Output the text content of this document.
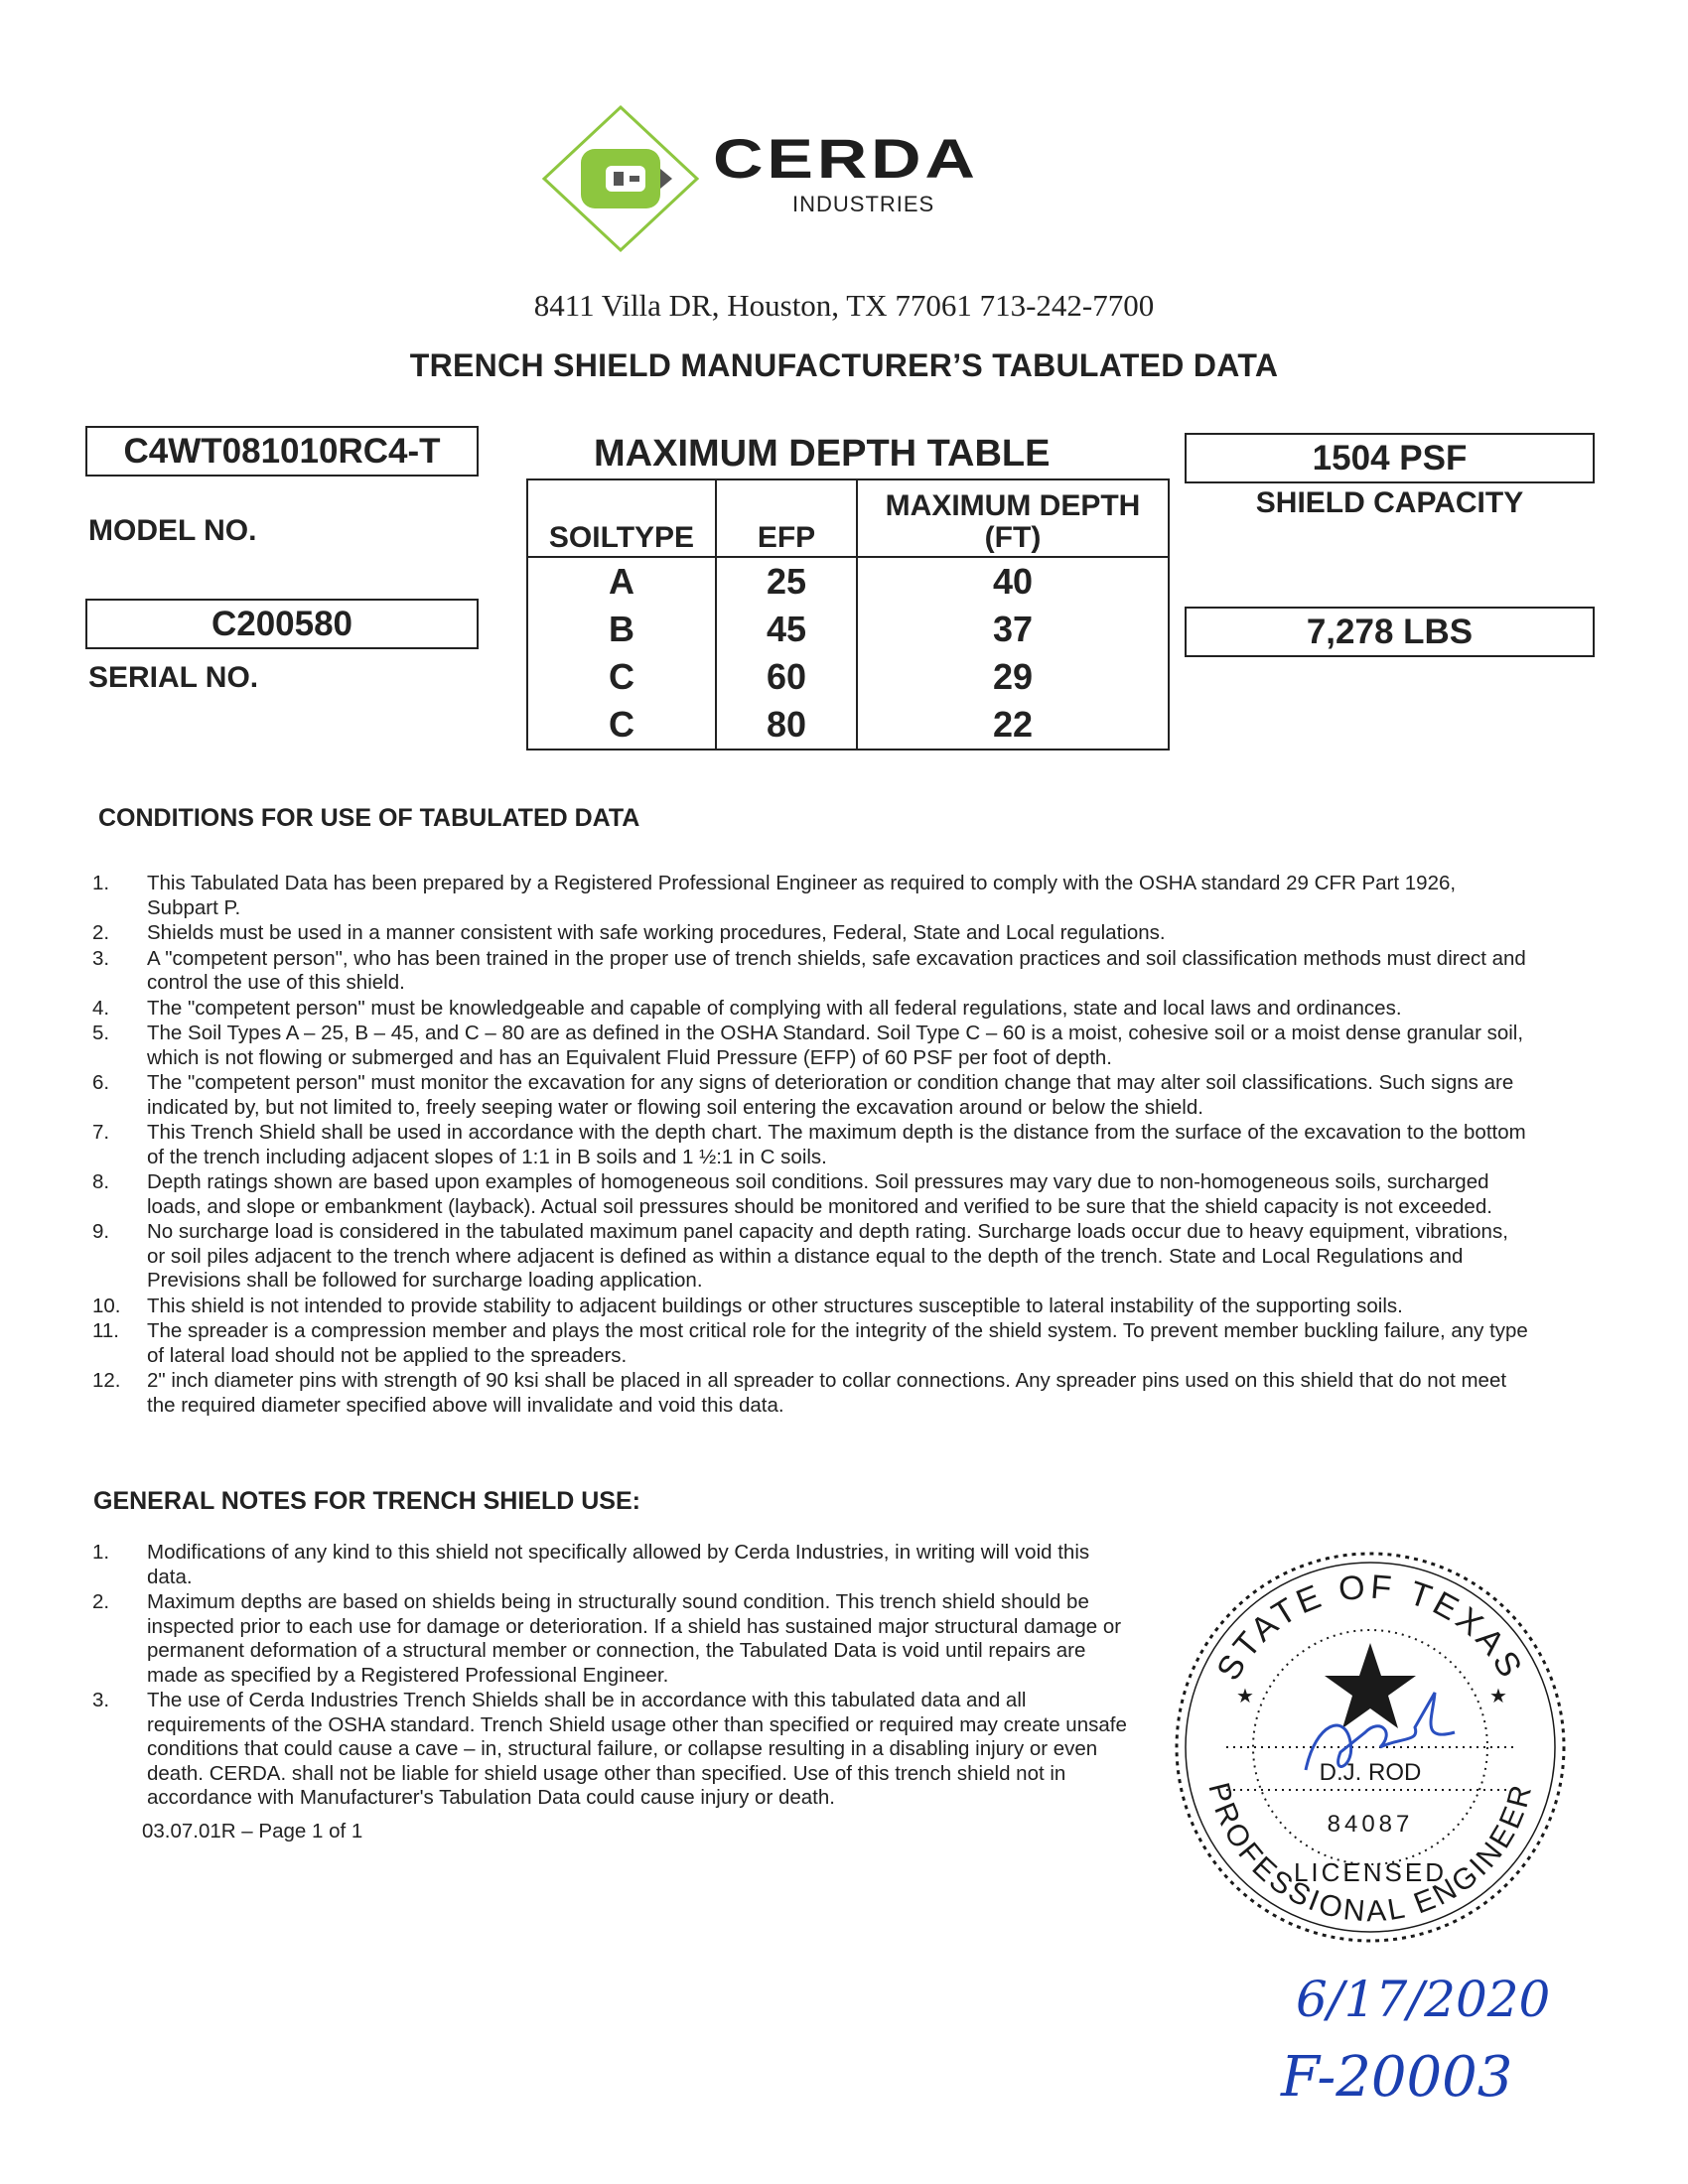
CERDA
INDUSTRIES
8411 Villa DR, Houston, TX 77061 713-242-7700
TRENCH SHIELD MANUFACTURER’S TABULATED DATA
C4WT081010RC4-T
MODEL NO.
C200580
SERIAL NO.
MAXIMUM DEPTH TABLE
SOILTYPE	EFP	MAXIMUM DEPTH
(FT)
A	25	40
B	45	37
C	60	29
C	80	22
1504 PSF
SHIELD CAPACITY
7,278 LBS
CONDITIONS FOR USE OF TABULATED DATA
1.	This Tabulated Data has been prepared by a Registered Professional Engineer as required to comply with the OSHA standard 29 CFR Part 1926, Subpart P.
2.	Shields must be used in a manner consistent with safe working procedures, Federal, State and Local regulations.
3.	A "competent person", who has been trained in the proper use of trench shields, safe excavation practices and soil classification methods must direct and control the use of this shield.
4.	The "competent person" must be knowledgeable and capable of complying with all federal regulations, state and local laws and ordinances.
5.	The Soil Types A – 25, B – 45, and C – 80 are as defined in the OSHA Standard. Soil Type C – 60 is a moist, cohesive soil or a moist dense granular soil, which is not flowing or submerged and has an Equivalent Fluid Pressure (EFP) of 60 PSF per foot of depth.
6.	The "competent person" must monitor the excavation for any signs of deterioration or condition change that may alter soil classifications. Such signs are indicated by, but not limited to, freely seeping water or flowing soil entering the excavation around or below the shield.
7.	This Trench Shield shall be used in accordance with the depth chart. The maximum depth is the distance from the surface of the excavation to the bottom of the trench including adjacent slopes of 1:1 in B soils and 1 ½:1 in C soils.
8.	Depth ratings shown are based upon examples of homogeneous soil conditions. Soil pressures may vary due to non-homogeneous soils, surcharged loads, and slope or embankment (layback). Actual soil pressures should be monitored and verified to be sure that the shield capacity is not exceeded.
9.	No surcharge load is considered in the tabulated maximum panel capacity and depth rating. Surcharge loads occur due to heavy equipment, vibrations, or soil piles adjacent to the trench where adjacent is defined as within a distance equal to the depth of the trench. State and Local Regulations and Previsions shall be followed for surcharge loading application.
10.	This shield is not intended to provide stability to adjacent buildings or other structures susceptible to lateral instability of the supporting soils.
11.	The spreader is a compression member and plays the most critical role for the integrity of the shield system. To prevent member buckling failure, any type of lateral load should not be applied to the spreaders.
12.	2" inch diameter pins with strength of 90 ksi shall be placed in all spreader to collar connections. Any spreader pins used on this shield that do not meet the required diameter specified above will invalidate and void this data.
GENERAL NOTES FOR TRENCH SHIELD USE:
1.	Modifications of any kind to this shield not specifically allowed by Cerda Industries, in writing will void this data.
2.	Maximum depths are based on shields being in structurally sound condition. This trench shield should be inspected prior to each use for damage or deterioration. If a shield has sustained major structural damage or permanent deformation of a structural member or connection, the Tabulated Data is void until repairs are made as specified by a Registered Professional Engineer.
3.	The use of Cerda Industries Trench Shields shall be in accordance with this tabulated data and all requirements of the OSHA standard. Trench Shield usage other than specified or required may create unsafe conditions that could cause a cave – in, structural failure, or collapse resulting in a disabling injury or even death. CERDA. shall not be liable for shield usage other than specified. Use of this trench shield not in accordance with Manufacturer's Tabulation Data could cause injury or death.
03.07.01R – Page 1 of 1
STATE OF TEXAS
PROFESSIONAL ENGINEER
★	★
D.J. ROD
84087
LICENSED
6/17/2020
F-20003
